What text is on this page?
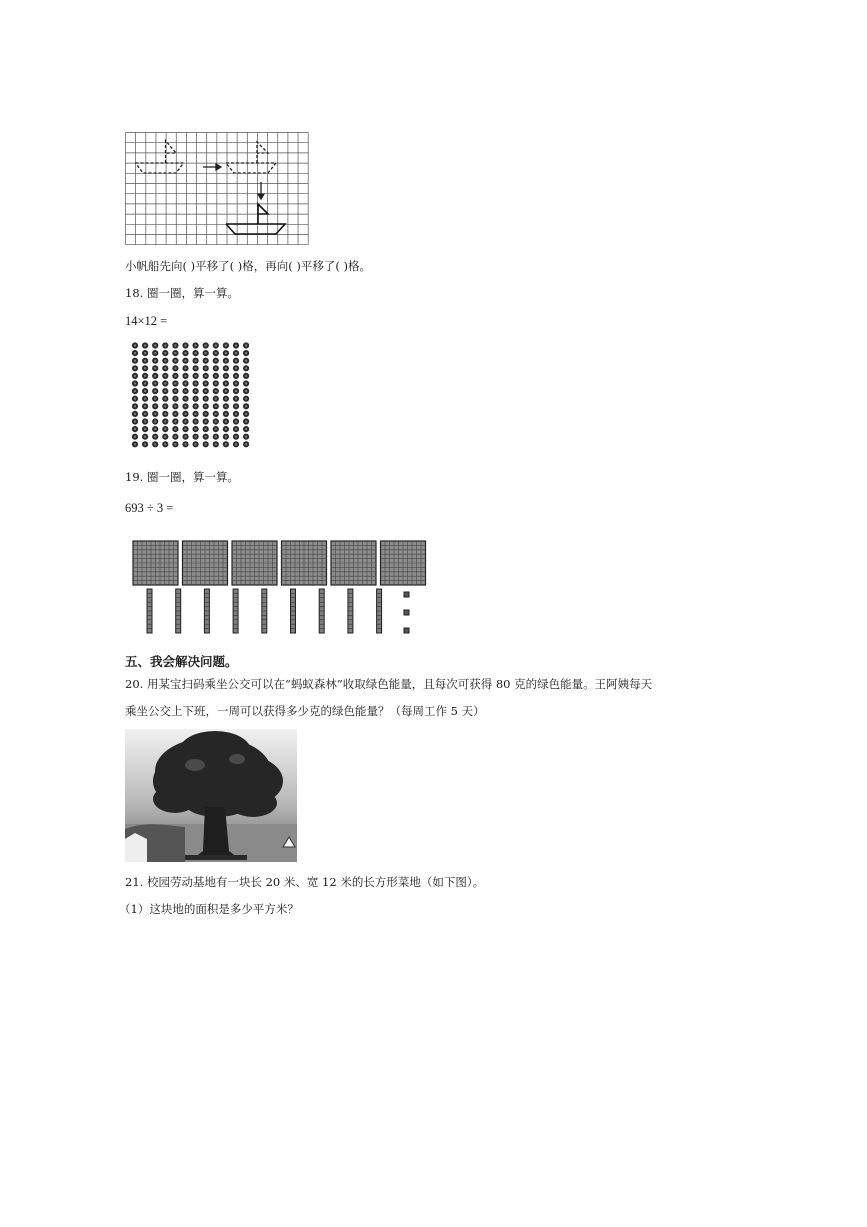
小帆船先向( )平移了( )格，再向( )平移了( )格。
18. 圈一圈，算一算。
14×12 =
19. 圈一圈，算一算。
693 ÷ 3 =
五、我会解决问题。
20. 用某宝扫码乘坐公交可以在“蚂蚁森林”收取绿色能量，且每次可获得 80 克的绿色能量。王阿姨每天
乘坐公交上下班，一周可以获得多少克的绿色能量？（每周工作 5 天）
21. 校园劳动基地有一块长 20 米、宽 12 米的长方形菜地（如下图）。
（1）这块地的面积是多少平方米？
